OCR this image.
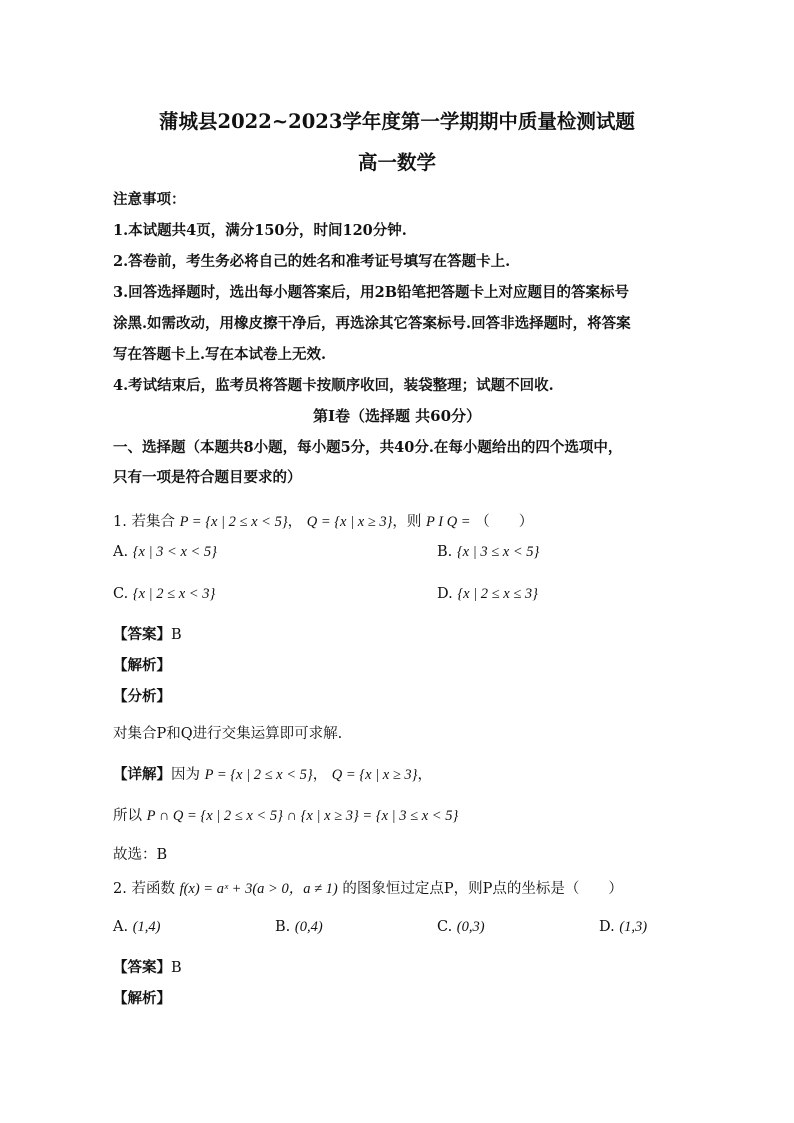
蒲城县2022~2023学年度第一学期期中质量检测试题
高一数学
注意事项：
1.本试题共4页，满分150分，时间120分钟.
2.答卷前，考生务必将自己的姓名和准考证号填写在答题卡上.
3.回答选择题时，选出每小题答案后，用2B铅笔把答题卡上对应题目的答案标号
涂黑.如需改动，用橡皮擦干净后，再选涂其它答案标号.回答非选择题时，将答案
写在答题卡上.写在本试卷上无效.
4.考试结束后，监考员将答题卡按顺序收回，装袋整理；试题不回收.
第Ⅰ卷（选择题 共60分）
一、选择题（本题共8小题，每小题5分，共40分.在每小题给出的四个选项中，
只有一项是符合题目要求的）
1. 若集合 P = {x | 2 ≤ x < 5}， Q = {x | x ≥ 3}，则 P I Q = （　　）
A. {x | 3 < x < 5}	B. {x | 3 ≤ x < 5}
C. {x | 2 ≤ x < 3}	D. {x | 2 ≤ x ≤ 3}
【答案】B
【解析】
【分析】
对集合P和Q进行交集运算即可求解.
【详解】因为 P = {x | 2 ≤ x < 5}， Q = {x | x ≥ 3}，
所以 P ∩ Q = {x | 2 ≤ x < 5} ∩ {x | x ≥ 3} = {x | 3 ≤ x < 5}
故选：B
2. 若函数 f(x) = aˣ + 3(a > 0，a ≠ 1) 的图象恒过定点P，则P点的坐标是（　　）
A. (1,4)	B. (0,4)	C. (0,3)	D. (1,3)
【答案】B
【解析】
